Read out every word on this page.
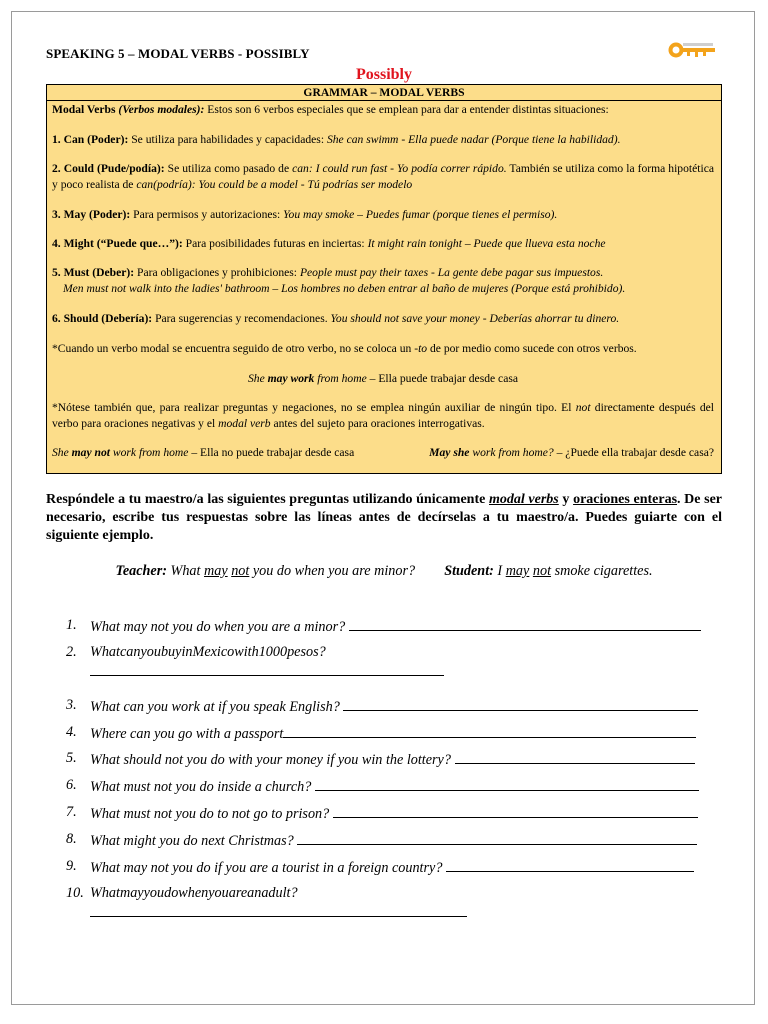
SPEAKING 5 – MODAL VERBS - POSSIBLY
Possibly
GRAMMAR – MODAL VERBS

Modal Verbs (Verbos modales): Estos son 6 verbos especiales que se emplean para dar a entender distintas situaciones:

1. Can (Poder): Se utiliza para habilidades y capacidades: She can swimm - Ella puede nadar (Porque tiene la habilidad).

2. Could (Pude/podía): Se utiliza como pasado de can: I could run fast - Yo podía correr rápido. También se utiliza como la forma hipotética y poco realista de can(podría): You could be a model - Tú podrías ser modelo

3. May (Poder): Para permisos y autorizaciones: You may smoke – Puedes fumar (porque tienes el permiso).

4. Might (“Puede que…”): Para posibilidades futuras en inciertas: It might rain tonight – Puede que llueva esta noche

5. Must (Deber): Para obligaciones y prohibiciones: People must pay their taxes - La gente debe pagar sus impuestos.

Men must not walk into the ladies' bathroom – Los hombres no deben entrar al baño de mujeres (Porque está prohibido).

6. Should (Debería): Para sugerencias y recomendaciones. You should not save your money - Deberías ahorrar tu dinero.

*Cuando un verbo modal se encuentra seguido de otro verbo, no se coloca un -to de por medio como sucede con otros verbos.

She may work from home – Ella puede trabajar desde casa

*Nótese también que, para realizar preguntas y negaciones, no se emplea ningún auxiliar de ningún tipo. El not directamente después del verbo para oraciones negativas y el modal verb antes del sujeto para oraciones interrogativas.

She may not work from home – Ella no puede trabajar desde casa	May she work from home? – ¿Puede ella trabajar desde casa?

Respóndele a tu maestro/a las siguientes preguntas utilizando únicamente modal verbs y oraciones enteras. De ser necesario, escribe tus respuestas sobre las líneas antes de decírselas a tu maestro/a. Puedes guiarte con el siguiente ejemplo.
Teacher: What may not you do when you are minor? Student: I may not smoke cigarettes.
1. What may not you do when you are a minor?
2. WhatcanyoubuyinMexicowith1000pesos?
3. What can you work at if you speak English?
4. Where can you go with a passport
5. What should not you do with your money if you win the lottery?
6. What must not you do inside a church?
7. What must not you do to not go to prison?
8. What might you do next Christmas?
9. What may not you do if you are a tourist in a foreign country?
10. Whatmayyoudowhenyouareanadult?
